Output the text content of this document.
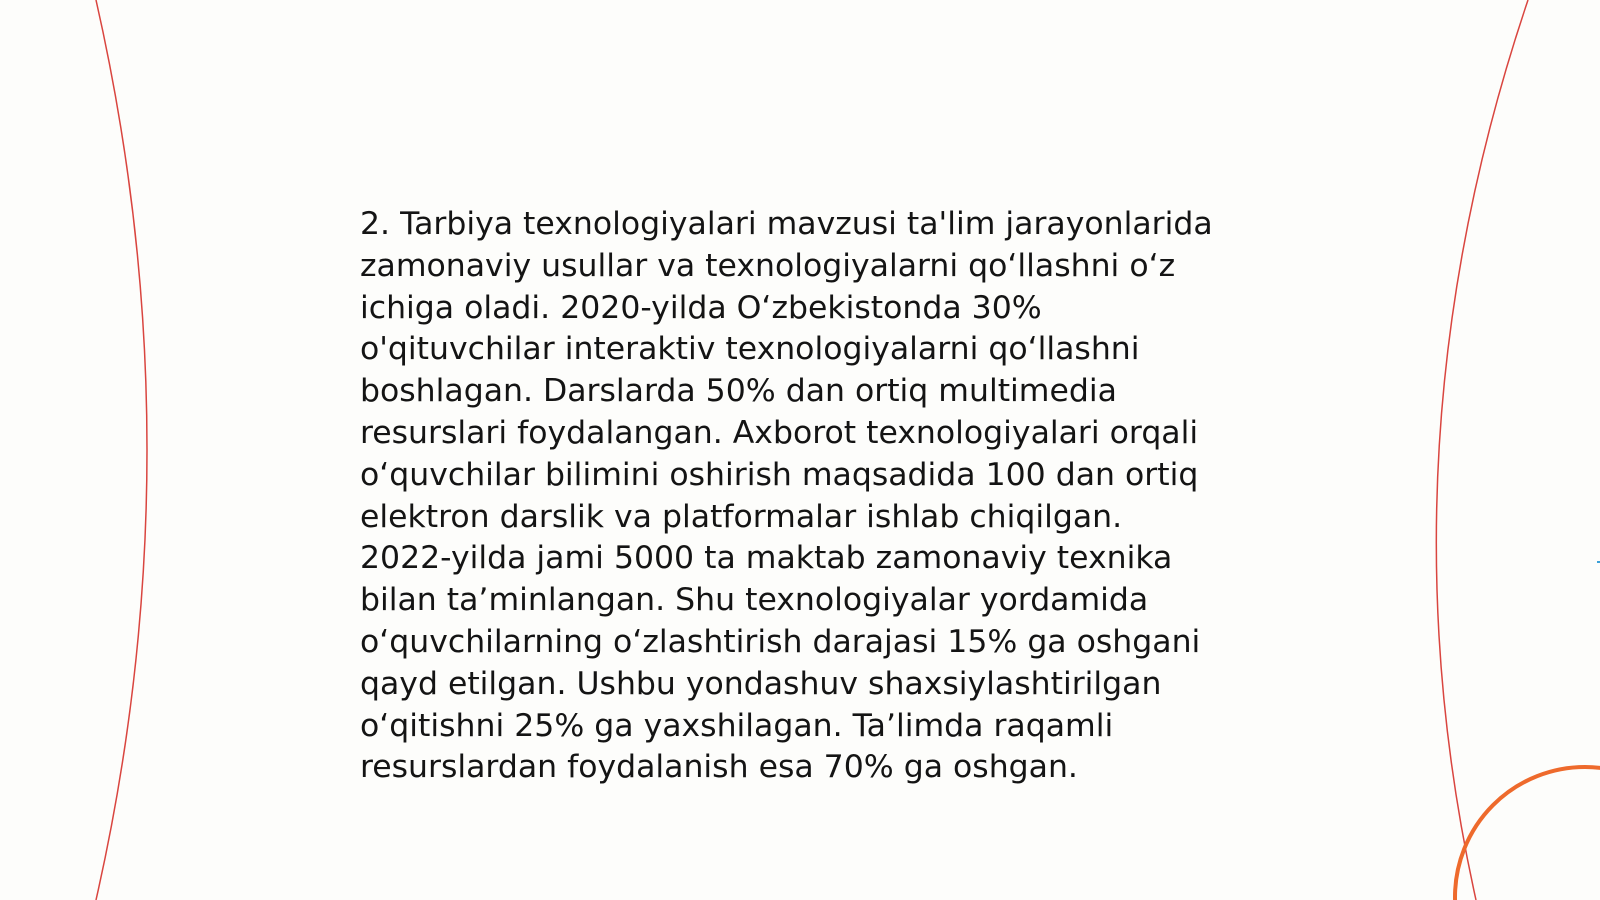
2. Tarbiya texnologiyalari mavzusi ta'lim jarayonlarida
zamonaviy usullar va texnologiyalarni qo‘llashni o‘z
ichiga oladi. 2020-yilda O‘zbekistonda 30%
o'qituvchilar interaktiv texnologiyalarni qo‘llashni
boshlagan. Darslarda 50% dan ortiq multimedia
resurslari foydalangan. Axborot texnologiyalari orqali
o‘quvchilar bilimini oshirish maqsadida 100 dan ortiq
elektron darslik va platformalar ishlab chiqilgan.
2022-yilda jami 5000 ta maktab zamonaviy texnika
bilan ta’minlangan. Shu texnologiyalar yordamida
o‘quvchilarning o‘zlashtirish darajasi 15% ga oshgani
qayd etilgan. Ushbu yondashuv shaxsiylashtirilgan
o‘qitishni 25% ga yaxshilagan. Ta’limda raqamli
resurslardan foydalanish esa 70% ga oshgan.
